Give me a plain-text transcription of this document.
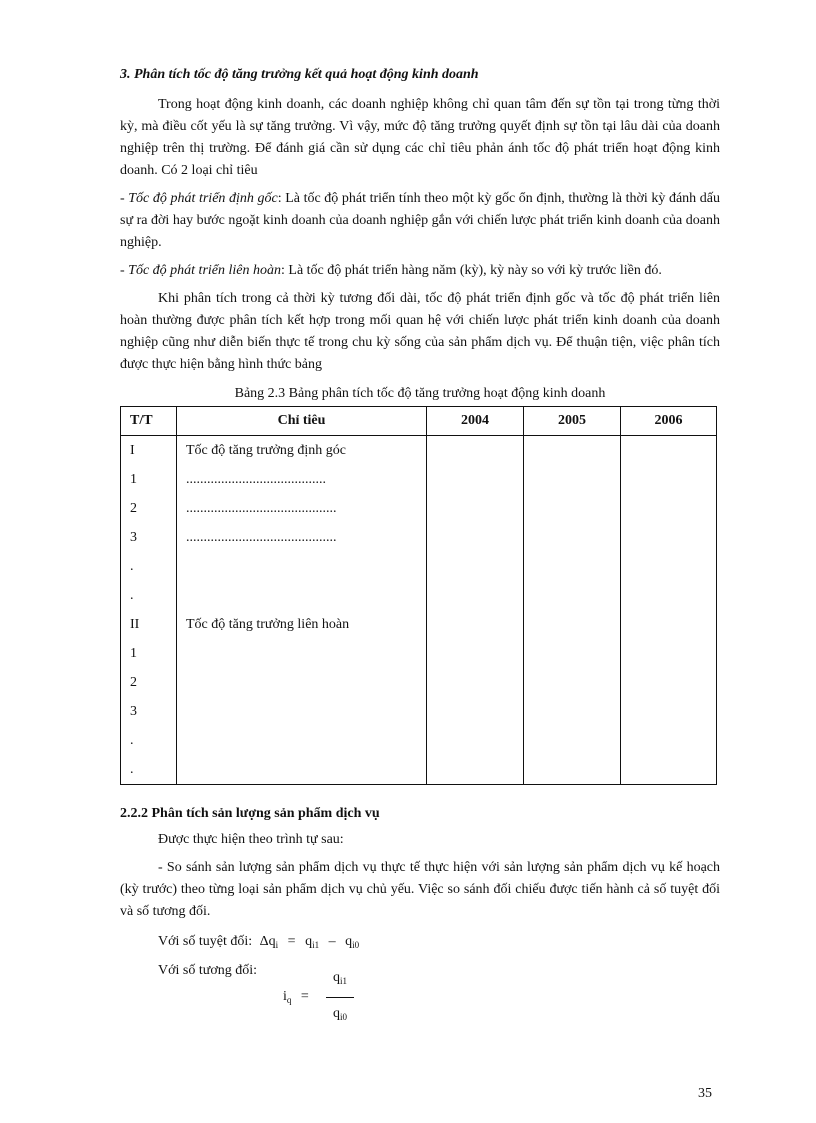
3. Phân tích tốc độ tăng trưởng kết quả hoạt động kinh doanh

Trong hoạt động kinh doanh, các doanh nghiệp không chỉ quan tâm đến sự tồn tại trong từng thời kỳ, mà điều cốt yếu là sự tăng trưởng. Vì vậy, mức độ tăng trưởng quyết định sự tồn tại lâu dài của doanh nghiệp trên thị trường. Để đánh giá cần sử dụng các chỉ tiêu phản ánh tốc độ phát triển hoạt động kinh doanh. Có 2 loại chỉ tiêu

- Tốc độ phát triển định gốc: Là tốc độ phát triển tính theo một kỳ gốc ổn định, thường là thời kỳ đánh dấu sự ra đời hay bước ngoặt kinh doanh của doanh nghiệp gắn với chiến lược phát triển kinh doanh của doanh nghiệp.

- Tốc độ phát triển liên hoàn: Là tốc độ phát triển hàng năm (kỳ), kỳ này so với kỳ trước liền đó.

Khi phân tích trong cả thời kỳ tương đối dài, tốc độ phát triển định gốc và tốc độ phát triển liên hoàn thường được phân tích kết hợp trong mối quan hệ với chiến lược phát triển kinh doanh của doanh nghiệp cũng như diễn biến thực tế trong chu kỳ sống của sản phẩm dịch vụ. Để thuận tiện, việc phân tích được thực hiện bằng hình thức bảng

Bảng 2.3 Bảng phân tích tốc độ tăng trưởng hoạt động kinh doanh
T/T	Chỉ tiêu	2004	2005	2006
I	Tốc độ tăng trưởng định góc			
1	........................................			
2	...........................................			
3	...........................................			
.				
.				
II	Tốc độ tăng trưởng liên hoàn			
1				
2				
3				
.				
.				
2.2.2 Phân tích sản lượng sản phẩm dịch vụ

Được thực hiện theo trình tự sau:

- So sánh sản lượng sản phẩm dịch vụ thực tế thực hiện với sản lượng sản phẩm dịch vụ kế hoạch (kỳ trước) theo từng loại sản phẩm dịch vụ chủ yếu. Việc so sánh đối chiếu được tiến hành cả số tuyệt đối và số tương đối.

Với số tuyệt đối: $\Delta q_i = q_{i1} - q_{i0}$
Với số tương đối:
$i_q$ =
$q_{i1}$
$q_{i0}$
35
